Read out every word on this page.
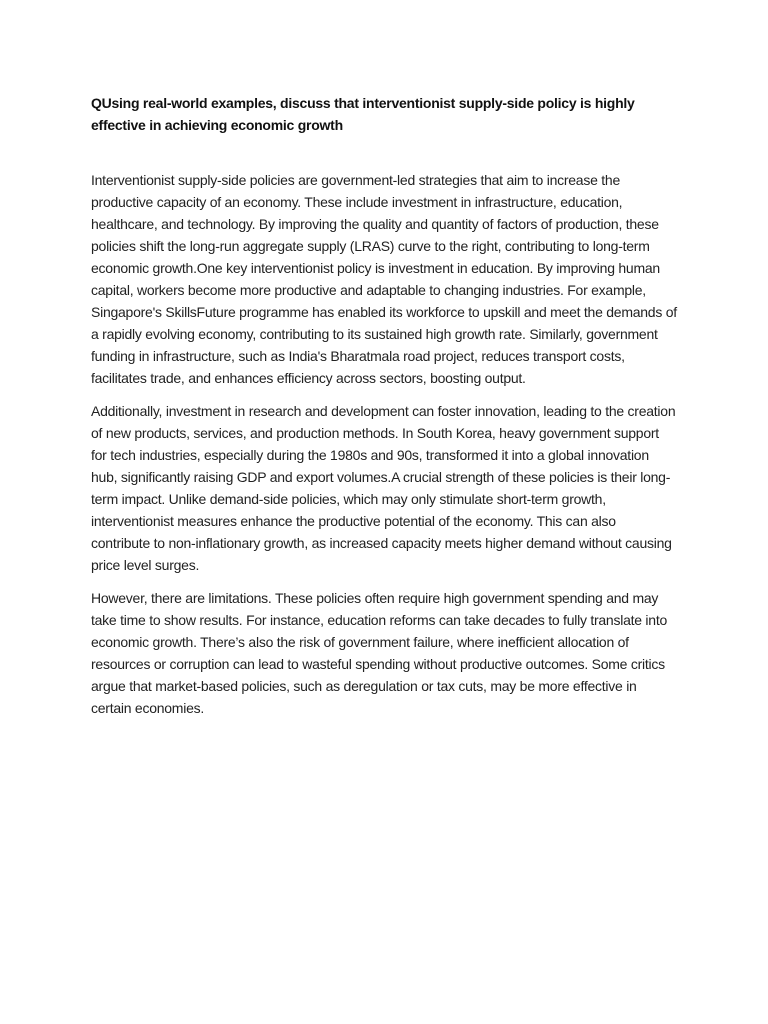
QUsing real-world examples, discuss that interventionist supply-side policy is highly effective in achieving economic growth

Interventionist supply-side policies are government-led strategies that aim to increase the productive capacity of an economy. These include investment in infrastructure, education, healthcare, and technology. By improving the quality and quantity of factors of production, these policies shift the long-run aggregate supply (LRAS) curve to the right, contributing to long-term economic growth.One key interventionist policy is investment in education. By improving human capital, workers become more productive and adaptable to changing industries. For example, Singapore's SkillsFuture programme has enabled its workforce to upskill and meet the demands of a rapidly evolving economy, contributing to its sustained high growth rate. Similarly, government funding in infrastructure, such as India's Bharatmala road project, reduces transport costs, facilitates trade, and enhances efficiency across sectors, boosting output.

Additionally, investment in research and development can foster innovation, leading to the creation of new products, services, and production methods. In South Korea, heavy government support for tech industries, especially during the 1980s and 90s, transformed it into a global innovation hub, significantly raising GDP and export volumes.A crucial strength of these policies is their long-term impact. Unlike demand-side policies, which may only stimulate short-term growth, interventionist measures enhance the productive potential of the economy. This can also contribute to non-inflationary growth, as increased capacity meets higher demand without causing price level surges.

However, there are limitations. These policies often require high government spending and may take time to show results. For instance, education reforms can take decades to fully translate into economic growth. There’s also the risk of government failure, where inefficient allocation of resources or corruption can lead to wasteful spending without productive outcomes. Some critics argue that market-based policies, such as deregulation or tax cuts, may be more effective in certain economies.
